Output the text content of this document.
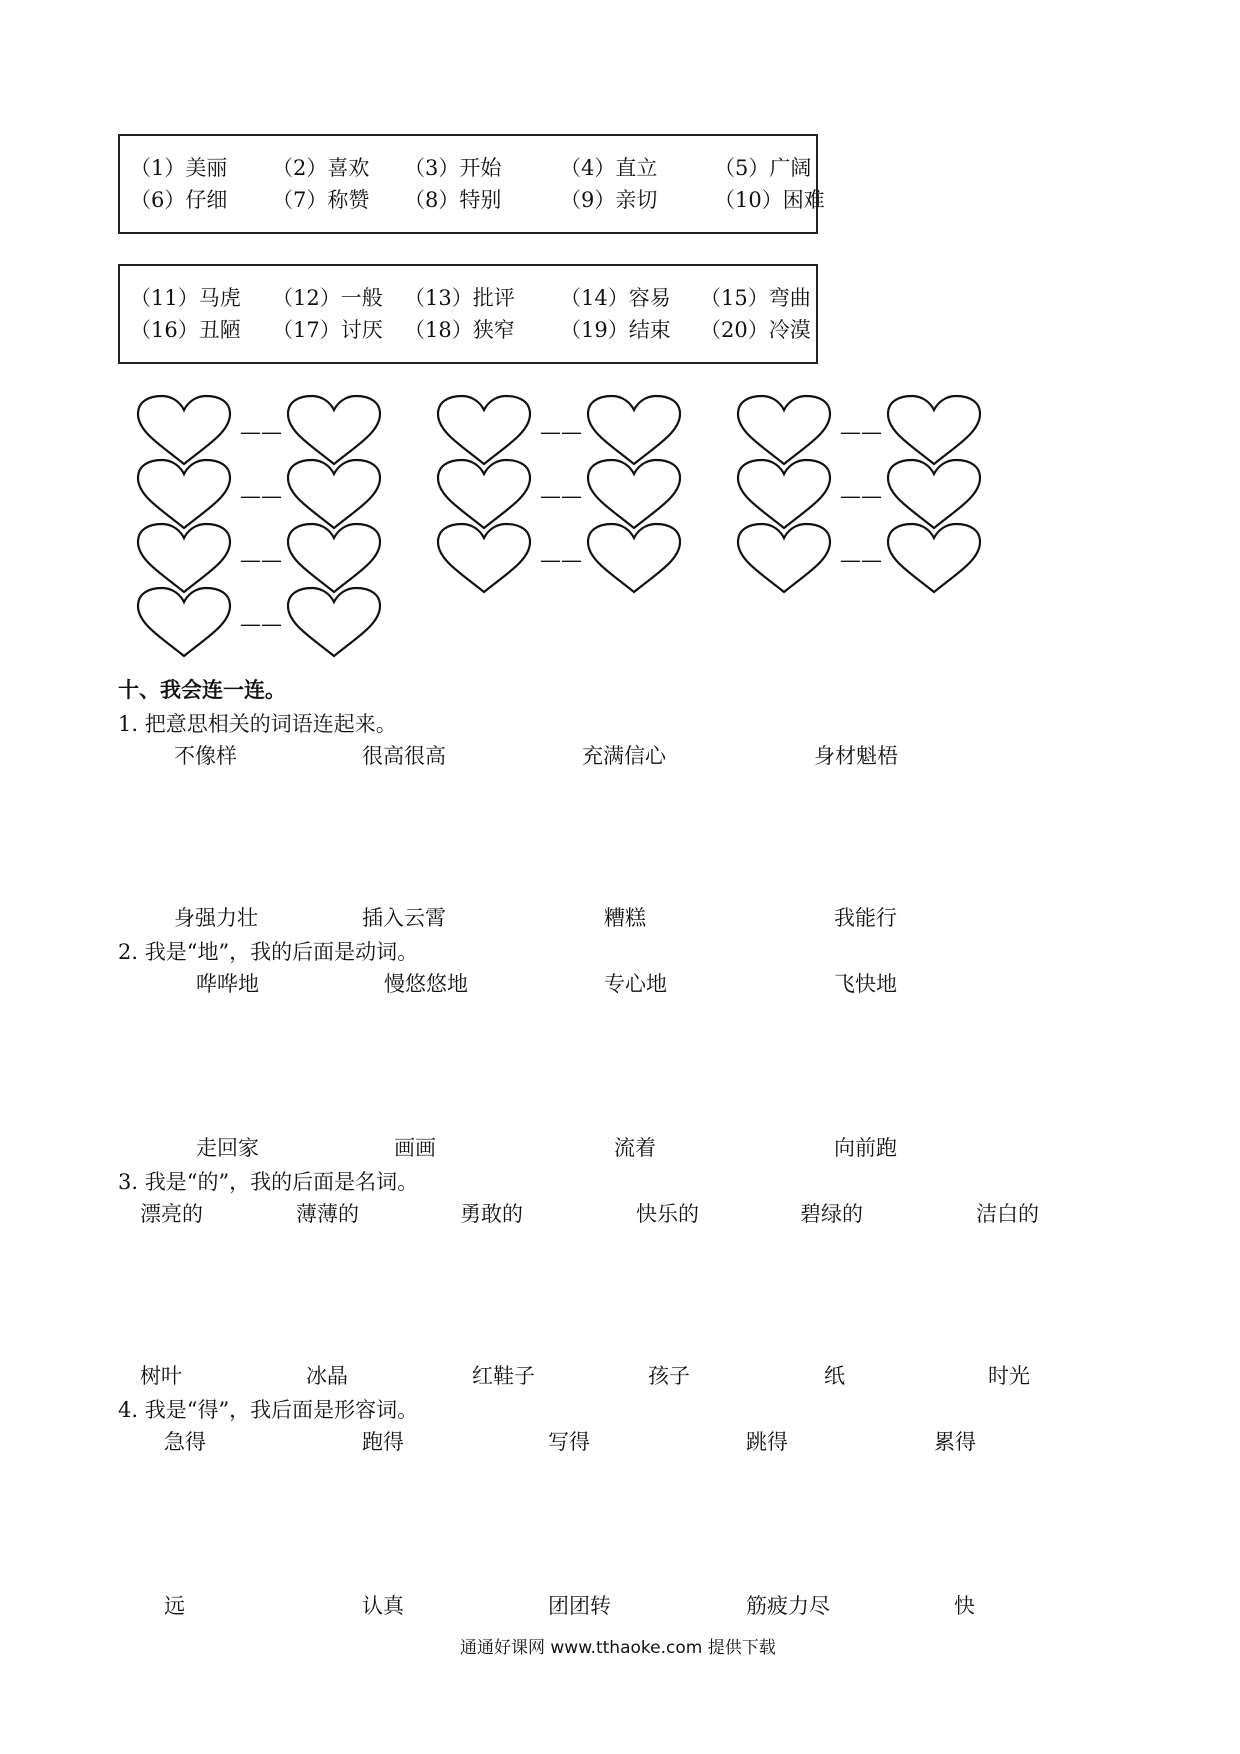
（1）美丽 （2）喜欢 （3）开始	（4）直立	（5）广阔
（6）仔细 （7）称赞 （8）特别	（9）亲切	（10）困难
（11）马虎 （12）一般 （13）批评 （14）容易 （15）弯曲
（16）丑陋 （17）讨厌 （18）狭窄 （19）结束 （20）冷漠
——
——
——
——
——
——
——
——
——
——
十、我会连一连。
1. 把意思相关的词语连起来。
不像样	很高很高	充满信心	身材魁梧
身强力壮	插入云霄	糟糕	我能行
2. 我是“地”，我的后面是动词。
哗哗地	慢悠悠地	专心地	飞快地
走回家	画画	流着	向前跑
3. 我是“的”，我的后面是名词。
漂亮的	薄薄的	勇敢的	快乐的	碧绿的	洁白的
树叶	冰晶	红鞋子	孩子	纸	时光
4. 我是“得”，我后面是形容词。
急得	跑得	写得	跳得	累得
远	认真	团团转	筋疲力尽	快
通通好课网 www.tthaoke.com 提供下载
